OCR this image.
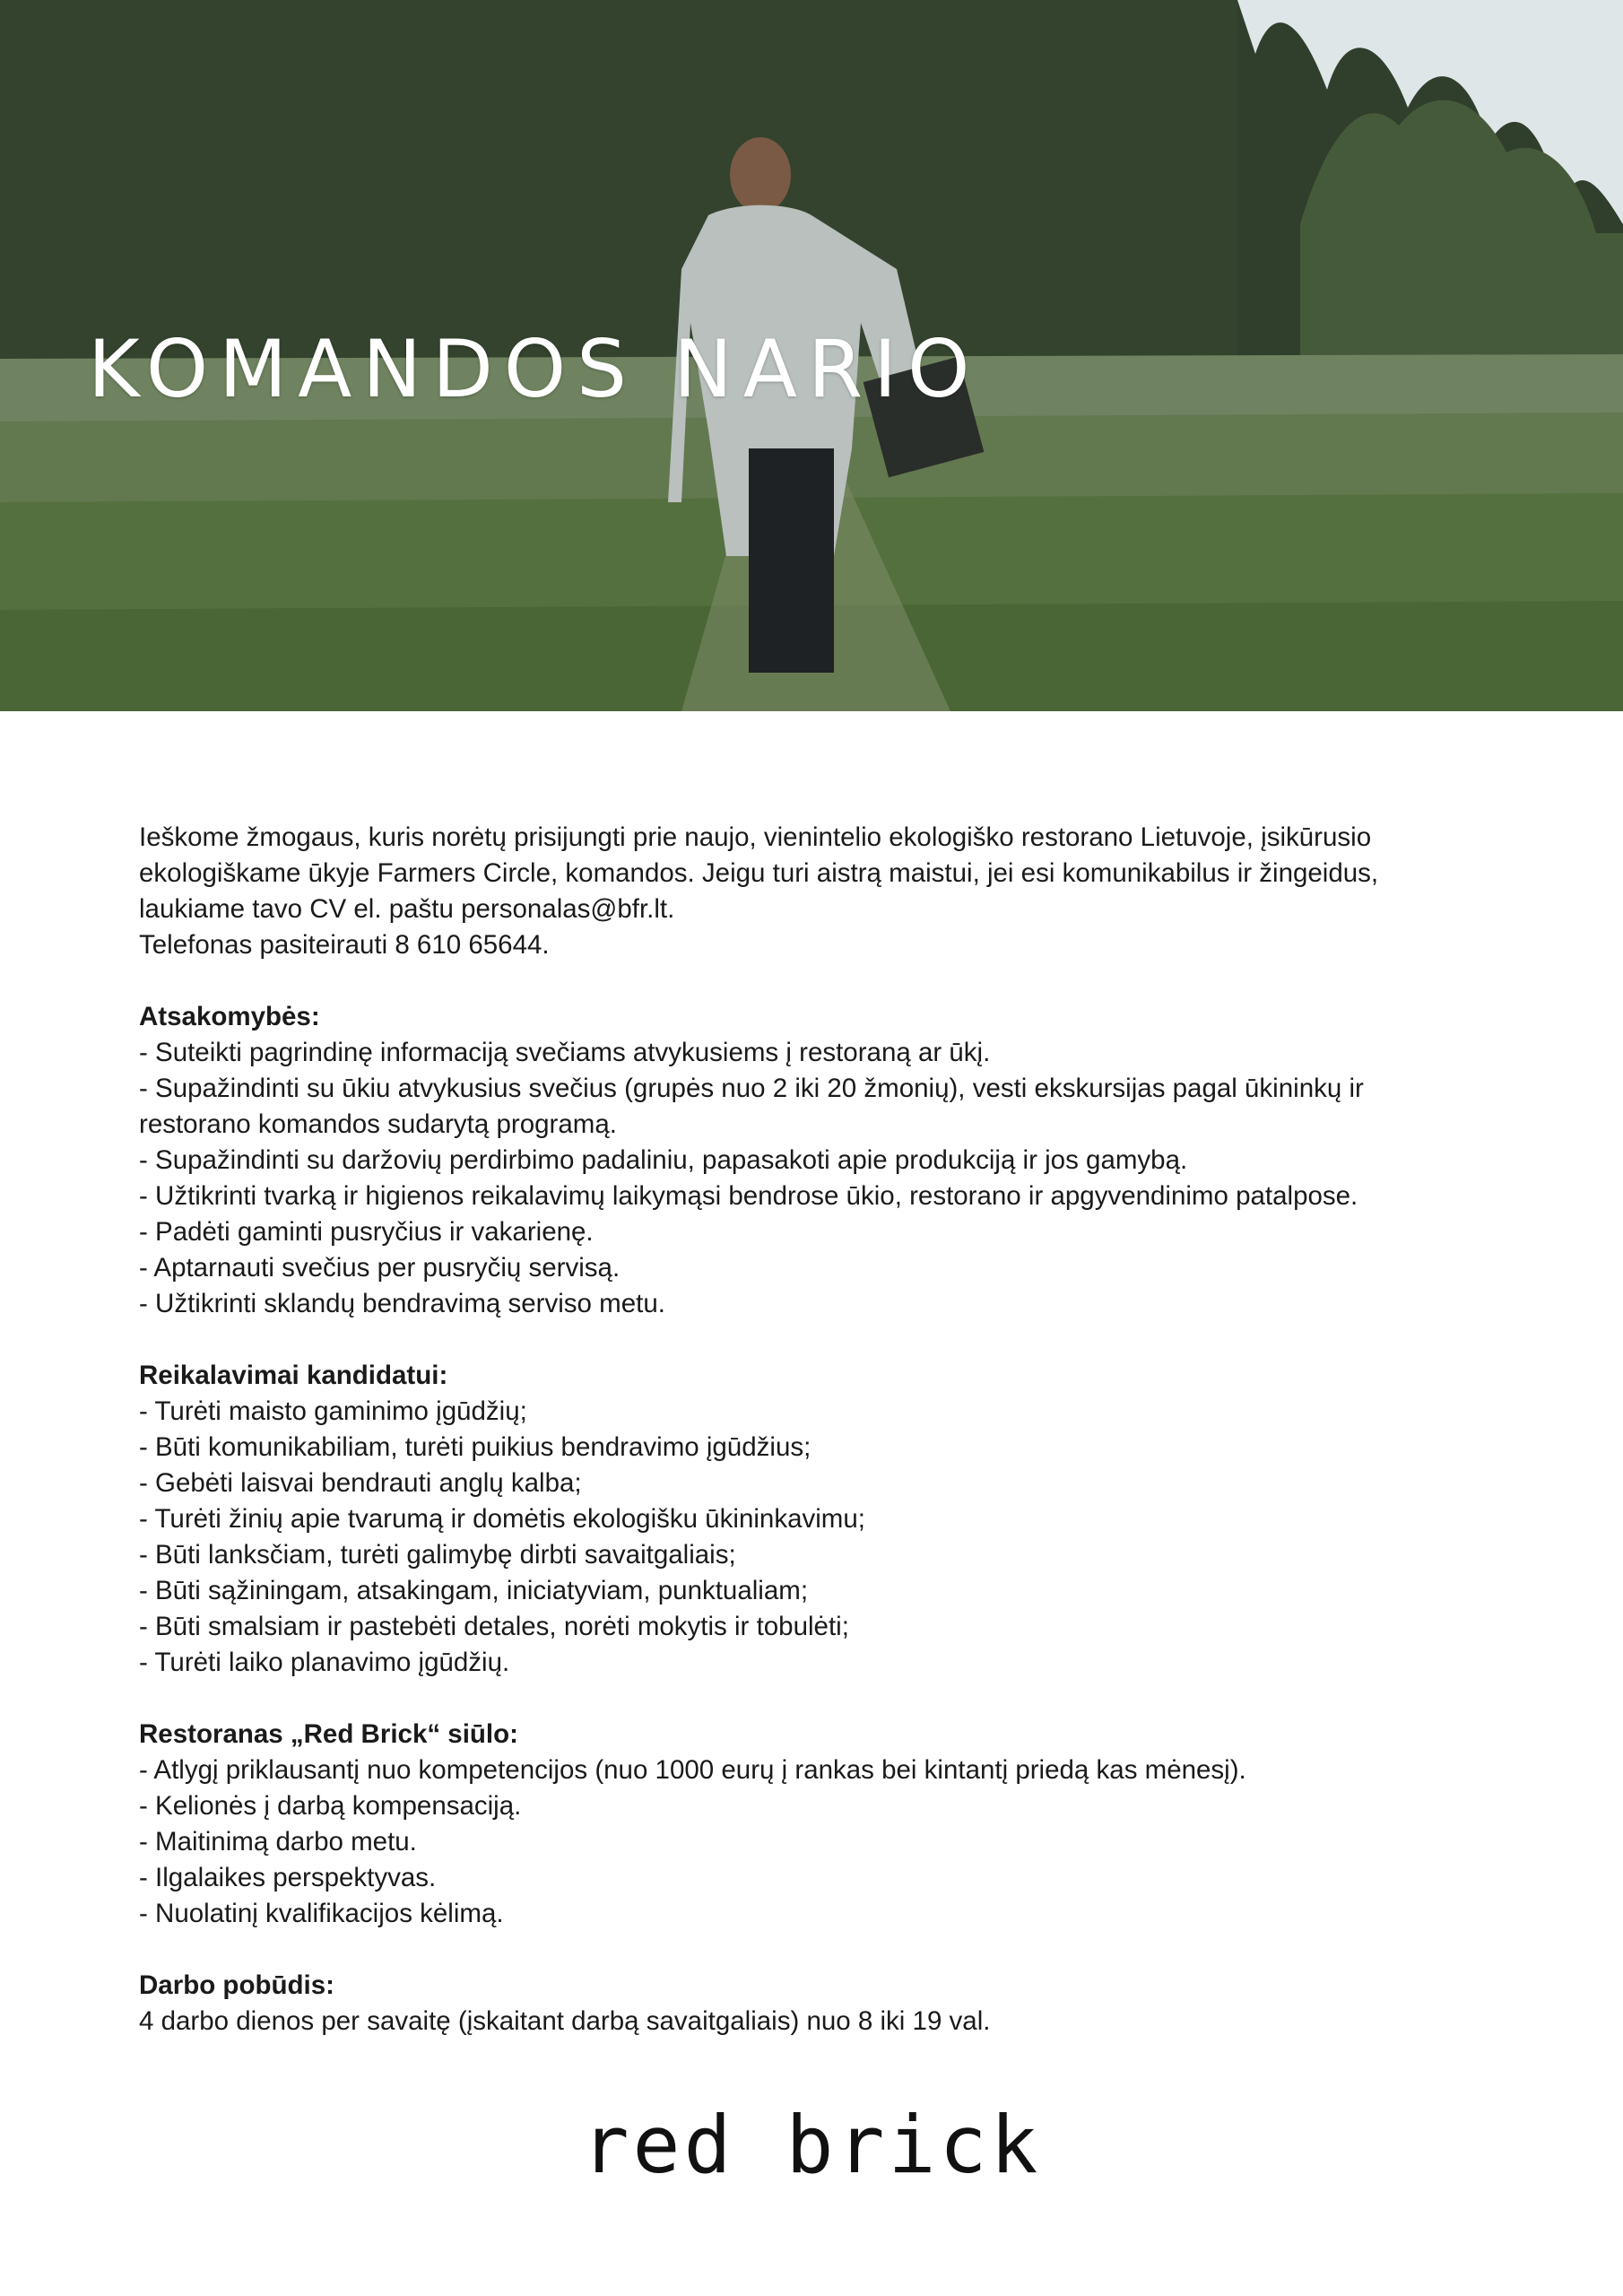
KOMANDOS NARIO

Ieškome žmogaus, kuris norėtų prisijungti prie naujo, vienintelio ekologiško restorano Lietuvoje, įsikūrusio

ekologiškame ūkyje Farmers Circle, komandos. Jeigu turi aistrą maistui, jei esi komunikabilus ir žingeidus,

laukiame tavo CV el. paštu personalas@bfr.lt.

Telefonas pasiteirauti 8 610 65644.

Atsakomybės:

- Suteikti pagrindinę informaciją svečiams atvykusiems į restoraną ar ūkį.

- Supažindinti su ūkiu atvykusius svečius (grupės nuo 2 iki 20 žmonių), vesti ekskursijas pagal ūkininkų ir

restorano komandos sudarytą programą.

- Supažindinti su daržovių perdirbimo padaliniu, papasakoti apie produkciją ir jos gamybą.

- Užtikrinti tvarką ir higienos reikalavimų laikymąsi bendrose ūkio, restorano ir apgyvendinimo patalpose.

- Padėti gaminti pusryčius ir vakarienę.

- Aptarnauti svečius per pusryčių servisą.

- Užtikrinti sklandų bendravimą serviso metu.

Reikalavimai kandidatui:

- Turėti maisto gaminimo įgūdžių;

- Būti komunikabiliam, turėti puikius bendravimo įgūdžius;

- Gebėti laisvai bendrauti anglų kalba;

- Turėti žinių apie tvarumą ir domėtis ekologišku ūkininkavimu;

- Būti lanksčiam, turėti galimybę dirbti savaitgaliais;

- Būti sąžiningam, atsakingam, iniciatyviam, punktualiam;

- Būti smalsiam ir pastebėti detales, norėti mokytis ir tobulėti;

- Turėti laiko planavimo įgūdžių.

Restoranas „Red Brick“ siūlo:

- Atlygį priklausantį nuo kompetencijos (nuo 1000 eurų į rankas bei kintantį priedą kas mėnesį).

- Kelionės į darbą kompensaciją.

- Maitinimą darbo metu.

- Ilgalaikes perspektyvas.

- Nuolatinį kvalifikacijos kėlimą.

Darbo pobūdis:

4 darbo dienos per savaitę (įskaitant darbą savaitgaliais) nuo 8 iki 19 val.

red brick
